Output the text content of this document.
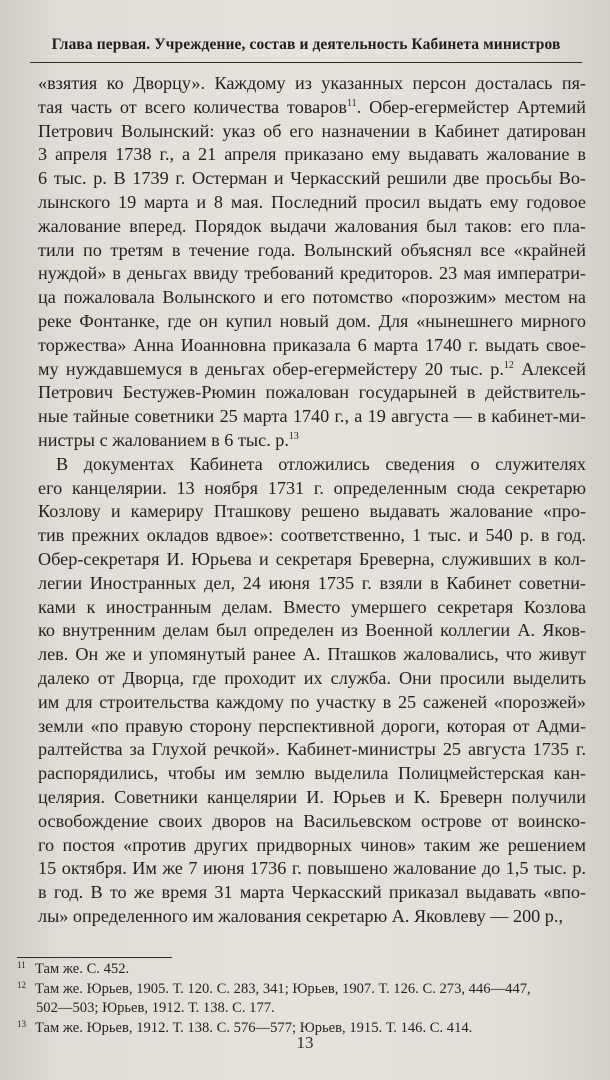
Глава первая. Учреждение, состав и деятельность Кабинета министров
«взятия ко Дворцу». Каждому из указанных персон досталась пя-
тая часть от всего количества товаров$^{11}$. Обер-егермейстер Артемий
Петрович Волынский: указ об его назначении в Кабинет датирован
3 апреля 1738 г., а 21 апреля приказано ему выдавать жалование в
6 тыс. р. В 1739 г. Остерман и Черкасский решили две просьбы Во-
лынского 19 марта и 8 мая. Последний просил выдать ему годовое
жалование вперед. Порядок выдачи жалования был таков: его пла-
тили по третям в течение года. Волынский объяснял все «крайней
нуждой» в деньгах ввиду требований кредиторов. 23 мая императри-
ца пожаловала Волынского и его потомство «порозжим» местом на
реке Фонтанке, где он купил новый дом. Для «нынешнего мирного
торжества» Анна Иоанновна приказала 6 марта 1740 г. выдать свое-
му нуждавшемуся в деньгах обер-егермейстеру 20 тыс. р.$^{12}$ Алексей
Петрович Бестужев-Рюмин пожалован государыней в действитель-
ные тайные советники 25 марта 1740 г., а 19 августа — в кабинет-ми-
нистры с жалованием в 6 тыс. р.$^{13}$
В документах Кабинета отложились сведения о служителях
его канцелярии. 13 ноября 1731 г. определенным сюда секретарю
Козлову и камериру Пташкову решено выдавать жалование «про-
тив прежних окладов вдвое»: соответственно, 1 тыс. и 540 р. в год.
Обер-секретаря И. Юрьева и секретаря Бреверна, служивших в кол-
легии Иностранных дел, 24 июня 1735 г. взяли в Кабинет советни-
ками к иностранным делам. Вместо умершего секретаря Козлова
ко внутренним делам был определен из Военной коллегии А. Яков-
лев. Он же и упомянутый ранее А. Пташков жаловались, что живут
далеко от Дворца, где проходит их служба. Они просили выделить
им для строительства каждому по участку в 25 саженей «порозжей»
земли «по правую сторону перспективной дороги, которая от Адми-
ралтейства за Глухой речкой». Кабинет-министры 25 августа 1735 г.
распорядились, чтобы им землю выделила Полицмейстерская кан-
целярия. Советники канцелярии И. Юрьев и К. Бреверн получили
освобождение своих дворов на Васильевском острове от воинско-
го постоя «против других придворных чинов» таким же решением
15 октября. Им же 7 июня 1736 г. повышено жалование до 1,5 тыс. р.
в год. В то же время 31 марта Черкасский приказал выдавать «впо-
лы» определенного им жалования секретарю А. Яковлеву — 200 р.,
11 Там же. С. 452.
12 Там же. Юрьев, 1905. Т. 120. С. 283, 341; Юрьев, 1907. Т. 126. С. 273, 446—447,
502—503; Юрьев, 1912. Т. 138. С. 177.
13 Там же. Юрьев, 1912. Т. 138. С. 576—577; Юрьев, 1915. Т. 146. С. 414.
13
